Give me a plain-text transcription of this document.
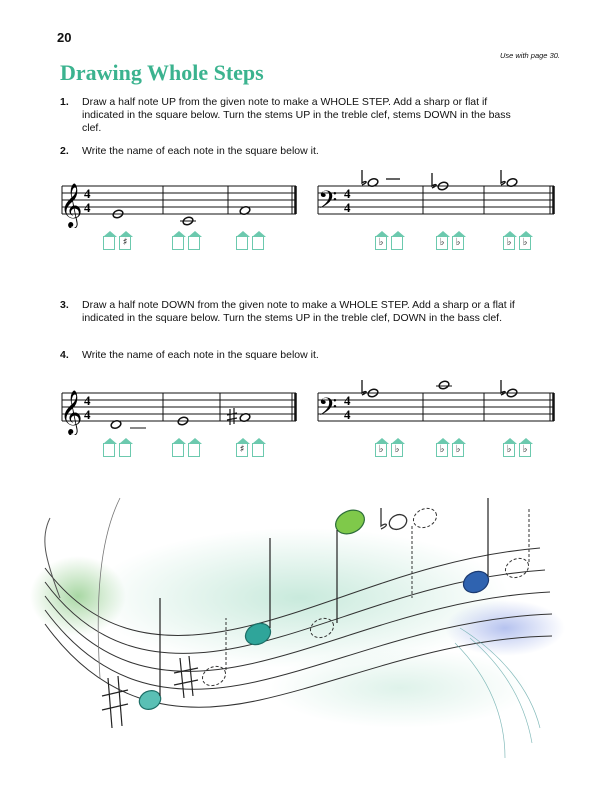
20
Use with page 30.
Drawing Whole Steps
1. Draw a half note UP from the given note to make a WHOLE STEP. Add a sharp or flat if indicated in the square below. Turn the stems UP in the treble clef, stems DOWN in the bass clef.
2. Write the name of each note in the square below it.
3. Draw a half note DOWN from the given note to make a WHOLE STEP. Add a sharp or a flat if indicated in the square below. Turn the stems UP in the treble clef, DOWN in the bass clef.
4. Write the name of each note in the square below it.
𝄞 4
4	𝄢 4
4
♯	♭	♭ ♭	♭ ♭
𝄞 4
4	𝄢 4
4
♯	♭ ♭	♭ ♭	♭ ♭
